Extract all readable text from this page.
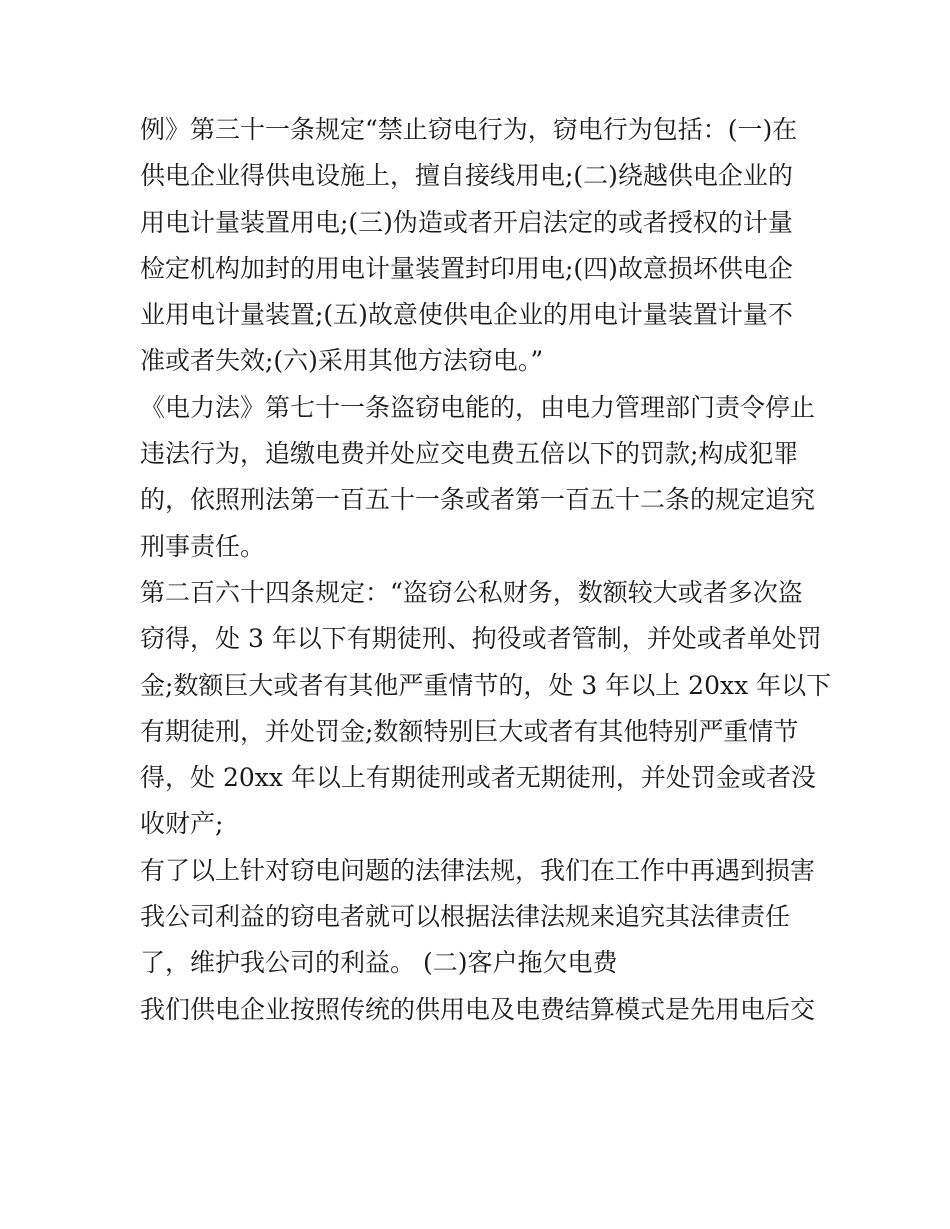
例》第三十一条规定“禁止窃电行为，窃电行为包括：(一)在
供电企业得供电设施上，擅自接线用电;(二)绕越供电企业的
用电计量装置用电;(三)伪造或者开启法定的或者授权的计量
检定机构加封的用电计量装置封印用电;(四)故意损坏供电企
业用电计量装置;(五)故意使供电企业的用电计量装置计量不
准或者失效;(六)采用其他方法窃电。”
《电力法》第七十一条盗窃电能的，由电力管理部门责令停止
违法行为，追缴电费并处应交电费五倍以下的罚款;构成犯罪
的，依照刑法第一百五十一条或者第一百五十二条的规定追究
刑事责任。
第二百六十四条规定：“盗窃公私财务，数额较大或者多次盗
窃得，处 3 年以下有期徒刑、拘役或者管制，并处或者单处罚
金;数额巨大或者有其他严重情节的，处 3 年以上 20xx 年以下
有期徒刑，并处罚金;数额特别巨大或者有其他特别严重情节
得，处 20xx 年以上有期徒刑或者无期徒刑，并处罚金或者没
收财产;
有了以上针对窃电问题的法律法规，我们在工作中再遇到损害
我公司利益的窃电者就可以根据法律法规来追究其法律责任
了，维护我公司的利益。 (二)客户拖欠电费
我们供电企业按照传统的供用电及电费结算模式是先用电后交
